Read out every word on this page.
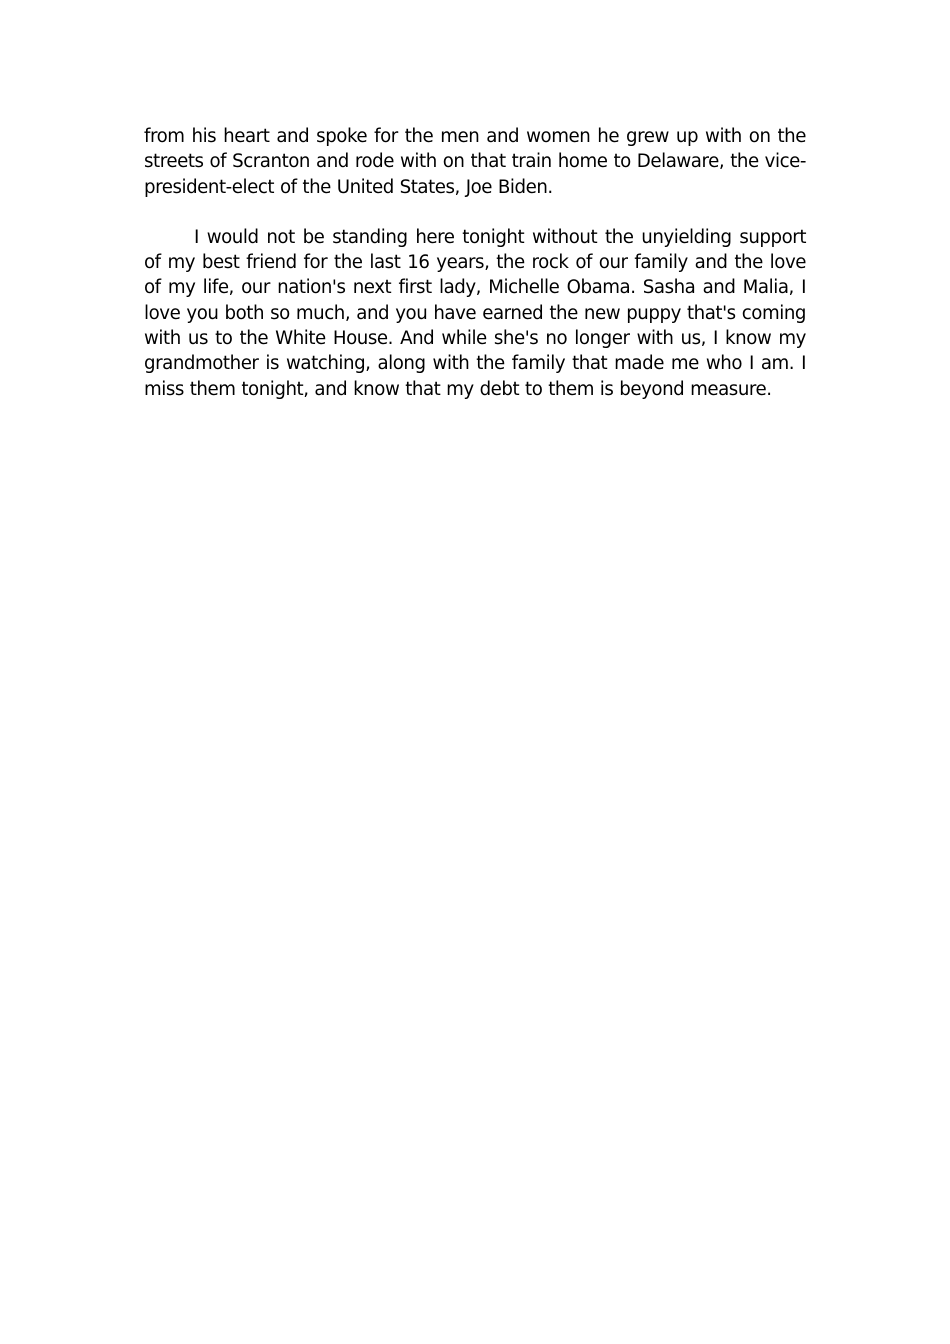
from his heart and spoke for the men and women he grew up with on the streets of Scranton and rode with on that train home to Delaware, the vice-president-elect of the United States, Joe Biden.

I would not be standing here tonight without the unyielding support of my best friend for the last 16 years, the rock of our family and the love of my life, our nation's next first lady, Michelle Obama. Sasha and Malia, I love you both so much, and you have earned the new puppy that's coming with us to the White House. And while she's no longer with us, I know my grandmother is watching, along with the family that made me who I am. I miss them tonight, and know that my debt to them is beyond measure.
